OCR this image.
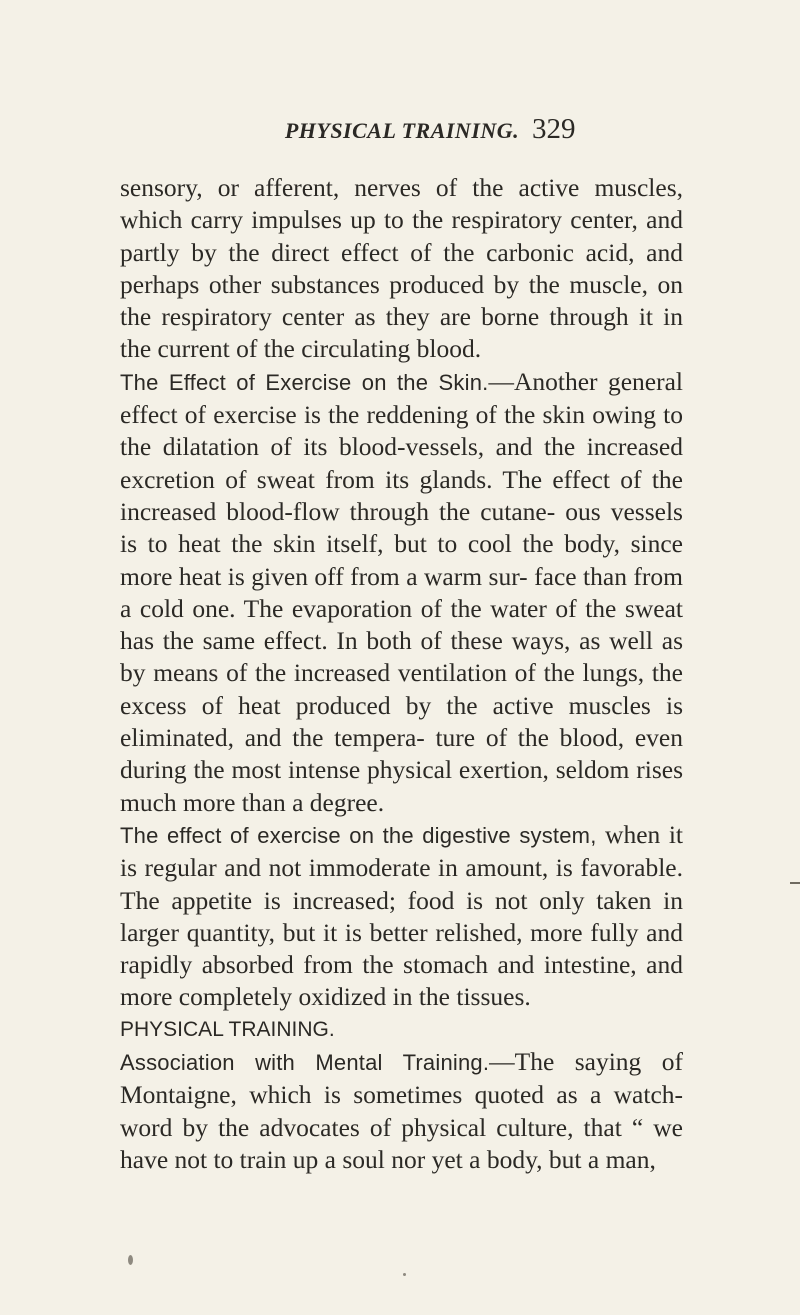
PHYSICAL TRAINING. 329

sensory, or afferent, nerves of the active muscles, which carry impulses up to the respiratory center, and partly by the direct effect of the carbonic acid, and perhaps other substances produced by the muscle, on the respiratory center as they are borne through it in the current of the circulating blood.

The Effect of Exercise on the Skin.—Another general effect of exercise is the reddening of the skin owing to the dilatation of its blood-vessels, and the increased excretion of sweat from its glands. The effect of the increased blood-flow through the cutane- ous vessels is to heat the skin itself, but to cool the body, since more heat is given off from a warm sur- face than from a cold one. The evaporation of the water of the sweat has the same effect. In both of these ways, as well as by means of the increased ventilation of the lungs, the excess of heat produced by the active muscles is eliminated, and the tempera- ture of the blood, even during the most intense physical exertion, seldom rises much more than a degree.

The effect of exercise on the digestive system, when it is regular and not immoderate in amount, is favorable. The appetite is increased; food is not only taken in larger quantity, but it is better relished, more fully and rapidly absorbed from the stomach and intestine, and more completely oxidized in the tissues.

PHYSICAL TRAINING.

Association with Mental Training.—The saying of Montaigne, which is sometimes quoted as a watch- word by the advocates of physical culture, that “ we have not to train up a soul nor yet a body, but a man,
